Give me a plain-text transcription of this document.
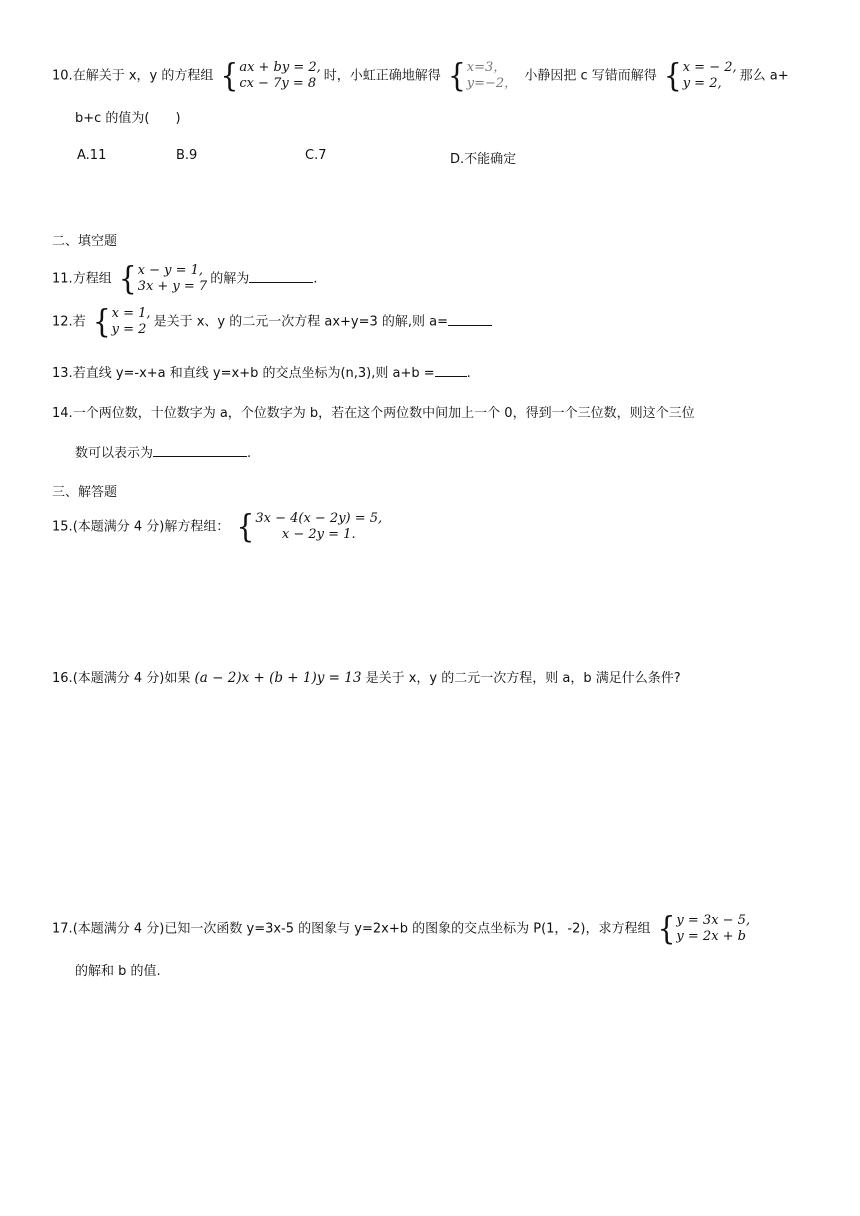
10.在解关于 x，y 的方程组 { ax + by = 2,
cx − 7y = 8 时，小虹正确地解得 { x=3，
y=−2， 小静因把 c 写错而解得 { x = − 2,
y = 2,	那么 a+
b+c 的值为(　　)
A.11	B.9	C.7	D.不能确定
二、填空题
11.方程组 { x − y = 1,
3x + y = 7 的解为	.
12.若 { x = 1,
y = 2 是关于 x、y 的二元一次方程 ax+y=3 的解,则 a=
13.若直线 y=-x+a 和直线 y=x+b 的交点坐标为(n,3),则 a+b = .
14.一个两位数，十位数字为 a，个位数字为 b，若在这个两位数中间加上一个 0，得到一个三位数，则这个三位
数可以表示为	.
三、解答题
15.(本题满分 4 分)解方程组： { 3x − 4(x − 2y) = 5,
x − 2y = 1.
16.(本题满分 4 分)如果 (a − 2)x + (b + 1)y = 13 是关于 x，y 的二元一次方程，则 a，b 满足什么条件?
17.(本题满分 4 分)已知一次函数 y=3x-5 的图象与 y=2x+b 的图象的交点坐标为 P(1，-2)，求方程组 { y = 3x − 5,
y = 2x + b
的解和 b 的值.
